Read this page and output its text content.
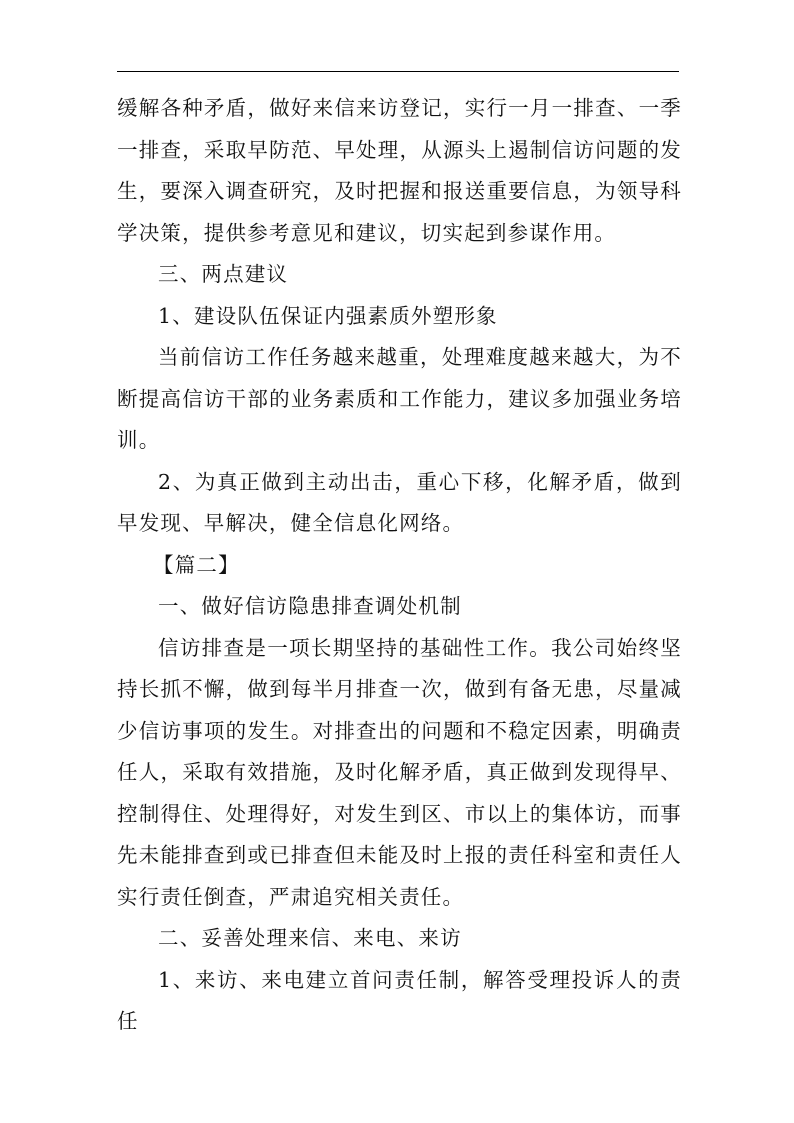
缓解各种矛盾，做好来信来访登记，实行一月一排查、一季一排查，采取早防范、早处理，从源头上遏制信访问题的发生，要深入调查研究，及时把握和报送重要信息，为领导科学决策，提供参考意见和建议，切实起到参谋作用。

三、两点建议

1、建设队伍保证内强素质外塑形象

当前信访工作任务越来越重，处理难度越来越大，为不断提高信访干部的业务素质和工作能力，建议多加强业务培训。

2、为真正做到主动出击，重心下移，化解矛盾，做到早发现、早解决，健全信息化网络。

【篇二】

一、做好信访隐患排查调处机制

信访排查是一项长期坚持的基础性工作。我公司始终坚持长抓不懈，做到每半月排查一次，做到有备无患，尽量减少信访事项的发生。对排查出的问题和不稳定因素，明确责任人，采取有效措施，及时化解矛盾，真正做到发现得早、控制得住、处理得好，对发生到区、市以上的集体访，而事先未能排查到或已排查但未能及时上报的责任科室和责任人实行责任倒查，严肃追究相关责任。

二、妥善处理来信、来电、来访

1、来访、来电建立首问责任制，解答受理投诉人的责任
